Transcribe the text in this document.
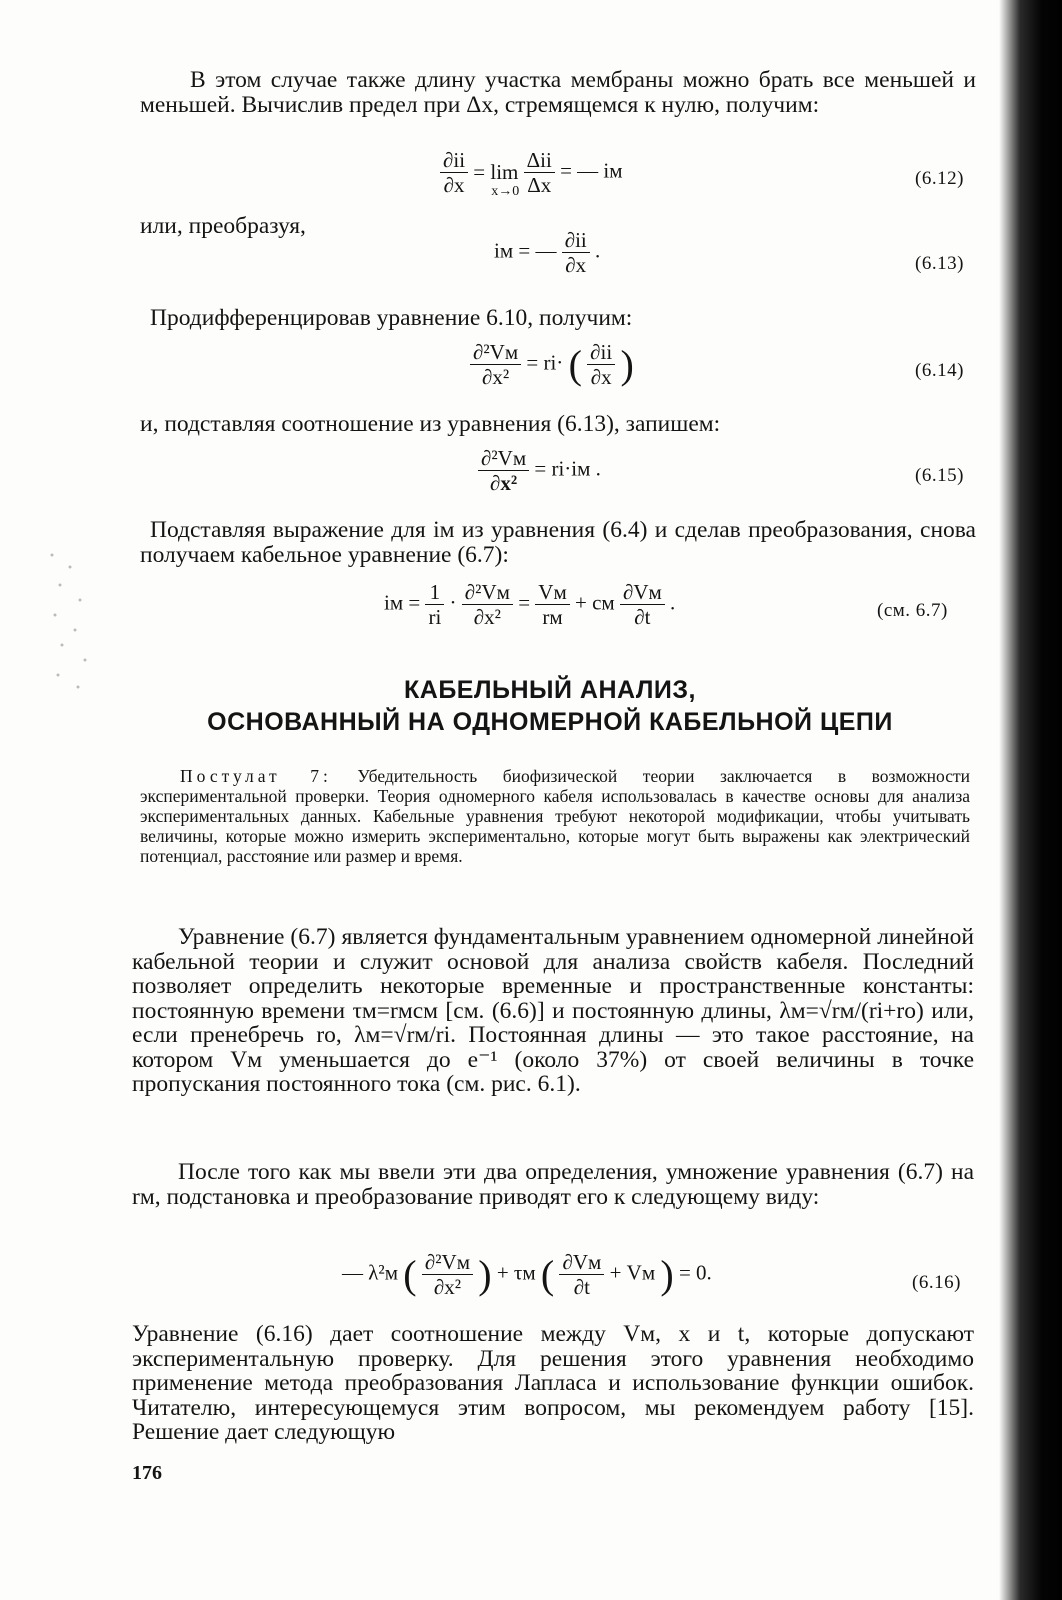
В этом случае также длину участка мембраны можно брать все меньшей и меньшей. Вычислив предел при Δx, стремящемся к нулю, получим:

$\frac{\partial ii}{\partial x} = \lim$
x→0
$\frac{\text{Δii}}{\Delta x}$ = — iм	(6.12)

или, преобразуя,

iм = — $\frac{\partial ii}{\partial x}$ .
(6.13)

Продифференцировав уравнение 6.10, получим:

$\frac{\text{∂²Vм}}{\text{∂x²}} = ri\cdot$ ( $\frac{\partial ii}{\partial x}$ )	(6.14)

и, подставляя соотношение из уравнения (6.13), запишем:

$\frac{\text{∂²Vм}}{\text{∂x²}} = ri\cdot iм$ .	(6.15)

Подставляя выражение для iм из уравнения (6.4) и сделав преобразования, снова получаем кабельное уравнение (6.7):

iм = $\frac{1}{ri} \cdot \frac{\text{∂²Vм}}{\text{∂x²}} = \frac{Vм}{rм}$ + cм $\frac{\partial Vм}{\partial t}$ .	(см. 6.7)
КАБЕЛЬНЫЙ АНАЛИЗ,
ОСНОВАННЫЙ НА ОДНОМЕРНОЙ КАБЕЛЬНОЙ ЦЕПИ

Постулат 7: Убедительность биофизической теории заключается в возможности экспериментальной проверки. Теория одномерного кабеля использовалась в качестве основы для анализа экспериментальных данных. Кабельные уравнения требуют некоторой модификации, чтобы учитывать величины, которые можно измерить экспериментально, которые могут быть выражены как электрический потенциал, расстояние или размер и время.

Уравнение (6.7) является фундаментальным уравнением одномерной линейной кабельной теории и служит основой для анализа свойств кабеля. Последний позволяет определить некоторые временные и пространственные константы: постоянную времени τм=rмcм [см. (6.6)] и постоянную длины, λм=√rм/(ri+ro) или, если пренебречь ro, λм=√rм/ri. Постоянная длины — это такое расстояние, на котором Vм уменьшается до e⁻¹ (около 37%) от своей величины в точке пропускания постоянного тока (см. рис. 6.1).

После того как мы ввели эти два определения, умножение уравнения (6.7) на rм, подстановка и преобразование приводят его к следующему виду:

— λ²м ( $\frac{\text{∂²Vм}}{\text{∂x²}}$ ) + τм ( $\frac{\partial Vм}{\partial t}$ + Vм ) = 0.	(6.16)

Уравнение (6.16) дает соотношение между Vм, x и t, которые допускают экспериментальную проверку. Для решения этого уравнения необходимо применение метода преобразования Лапласа и использование функции ошибок. Читателю, интересующемуся этим вопросом, мы рекомендуем работу [15]. Решение дает следующую

176
